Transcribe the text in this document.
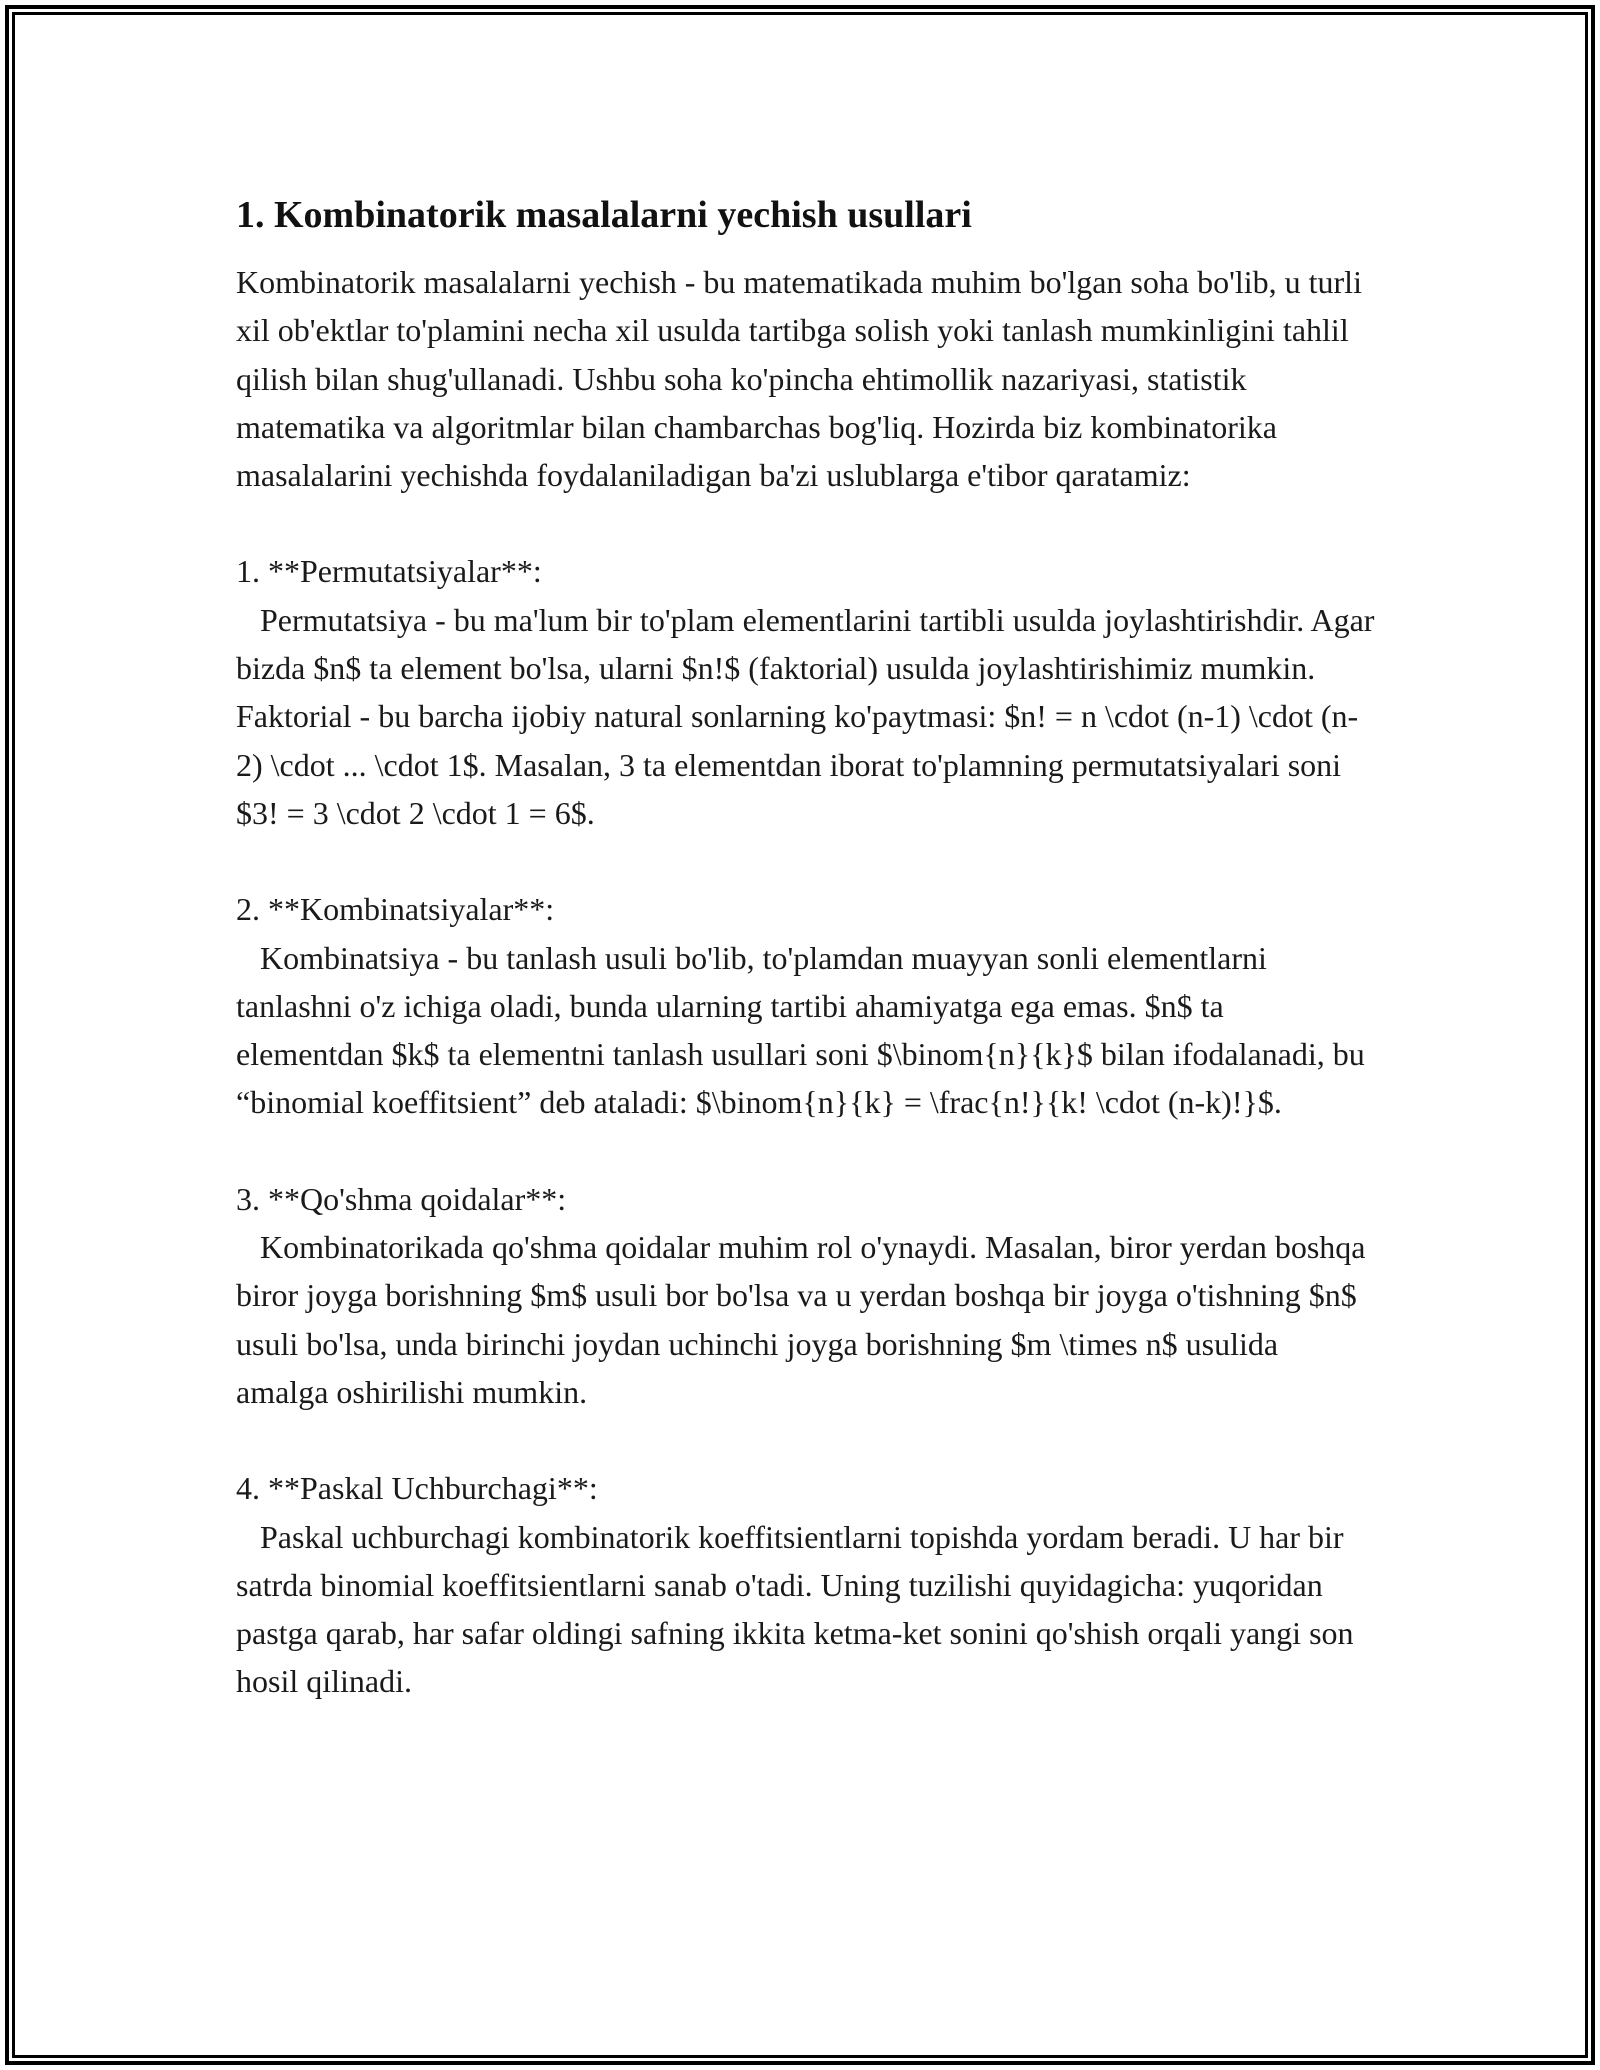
1. Kombinatorik masalalarni yechish usullari

Kombinatorik masalalarni yechish - bu matematikada muhim bo'lgan soha bo'lib, u turli xil ob'ektlar to'plamini necha xil usulda tartibga solish yoki tanlash mumkinligini tahlil qilish bilan shug'ullanadi. Ushbu soha ko'pincha ehtimollik nazariyasi, statistik matematika va algoritmlar bilan chambarchas bog'liq. Hozirda biz kombinatorika masalalarini yechishda foydalaniladigan ba'zi uslublarga e'tibor qaratamiz:

1. **Permutatsiyalar**:
Permutatsiya - bu ma'lum bir to'plam elementlarini tartibli usulda joylashtirishdir. Agar bizda $n$ ta element bo'lsa, ularni $n!$ (faktorial) usulda joylashtirishimiz mumkin. Faktorial - bu barcha ijobiy natural sonlarning ko'paytmasi: $n! = n \cdot (n-1) \cdot (n-2) \cdot ... \cdot 1$. Masalan, 3 ta elementdan iborat to'plamning permutatsiyalari soni $3! = 3 \cdot 2 \cdot 1 = 6$.
2. **Kombinatsiyalar**:
Kombinatsiya - bu tanlash usuli bo'lib, to'plamdan muayyan sonli elementlarni tanlashni o'z ichiga oladi, bunda ularning tartibi ahamiyatga ega emas. $n$ ta elementdan $k$ ta elementni tanlash usullari soni $\binom{n}{k}$ bilan ifodalanadi, bu “binomial koeffitsient” deb ataladi: $\binom{n}{k} = \frac{n!}{k! \cdot (n-k)!}$.
3. **Qo'shma qoidalar**:
Kombinatorikada qo'shma qoidalar muhim rol o'ynaydi. Masalan, biror yerdan boshqa biror joyga borishning $m$ usuli bor bo'lsa va u yerdan boshqa bir joyga o'tishning $n$ usuli bo'lsa, unda birinchi joydan uchinchi joyga borishning $m \times n$ usulida amalga oshirilishi mumkin.
4. **Paskal Uchburchagi**:
Paskal uchburchagi kombinatorik koeffitsientlarni topishda yordam beradi. U har bir satrda binomial koeffitsientlarni sanab o'tadi. Uning tuzilishi quyidagicha: yuqoridan pastga qarab, har safar oldingi safning ikkita ketma-ket sonini qo'shish orqali yangi son hosil qilinadi.
